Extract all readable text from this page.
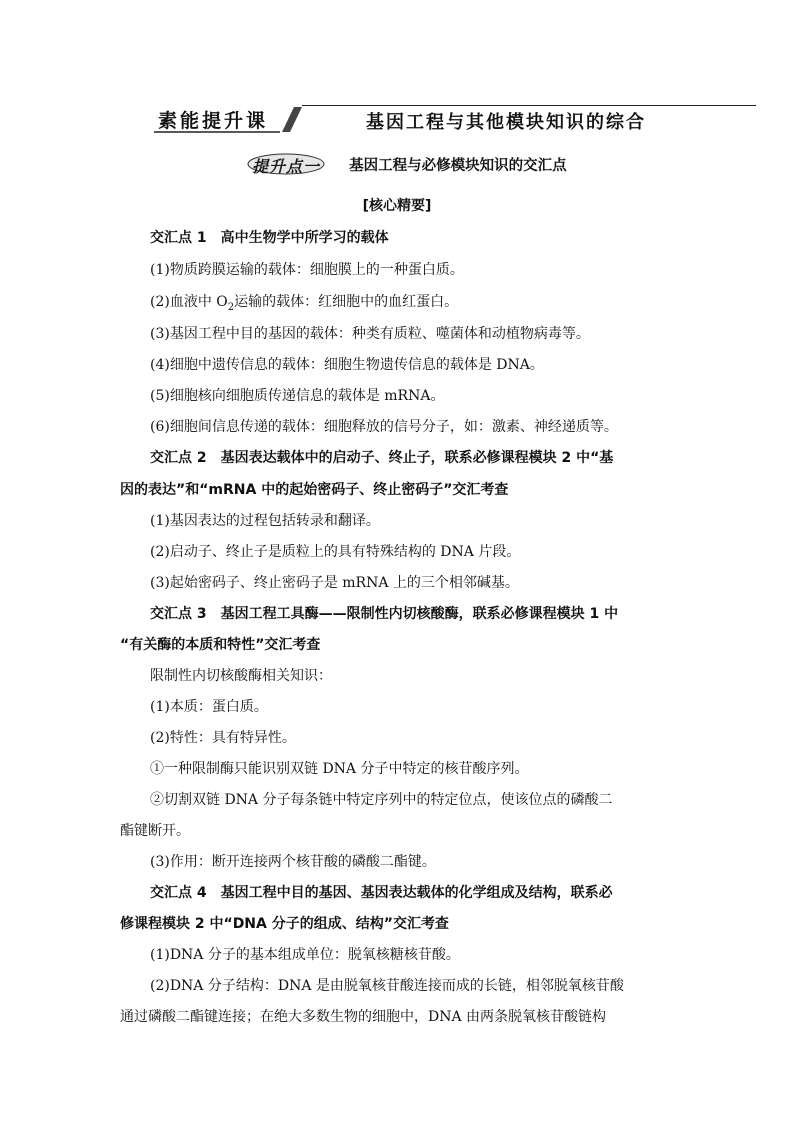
素能提升课	基因工程与其他模块知识的综合
提升点一 基因工程与必修模块知识的交汇点
[核心精要]
交汇点 1　高中生物学中所学习的载体
(1)物质跨膜运输的载体：细胞膜上的一种蛋白质。
(2)血液中 $O_2$运输的载体：红细胞中的血红蛋白。
(3)基因工程中目的基因的载体：种类有质粒、噬菌体和动植物病毒等。
(4)细胞中遗传信息的载体：细胞生物遗传信息的载体是 DNA。
(5)细胞核向细胞质传递信息的载体是 mRNA。
(6)细胞间信息传递的载体：细胞释放的信号分子，如：激素、神经递质等。
交汇点 2　基因表达载体中的启动子、终止子，联系必修课程模块 2 中“基
因的表达”和“mRNA 中的起始密码子、终止密码子”交汇考查
(1)基因表达的过程包括转录和翻译。
(2)启动子、终止子是质粒上的具有特殊结构的 DNA 片段。
(3)起始密码子、终止密码子是 mRNA 上的三个相邻碱基。
交汇点 3　基因工程工具酶——限制性内切核酸酶，联系必修课程模块 1 中
“有关酶的本质和特性”交汇考查
限制性内切核酸酶相关知识：
(1)本质：蛋白质。
(2)特性：具有特异性。
①一种限制酶只能识别双链 DNA 分子中特定的核苷酸序列。
②切割双链 DNA 分子每条链中特定序列中的特定位点，使该位点的磷酸二
酯键断开。
(3)作用：断开连接两个核苷酸的磷酸二酯键。
交汇点 4　基因工程中目的基因、基因表达载体的化学组成及结构，联系必
修课程模块 2 中“DNA 分子的组成、结构”交汇考查
(1)DNA 分子的基本组成单位：脱氧核糖核苷酸。
(2)DNA 分子结构：DNA 是由脱氧核苷酸连接而成的长链，相邻脱氧核苷酸
通过磷酸二酯键连接；在绝大多数生物的细胞中，DNA 由两条脱氧核苷酸链构
